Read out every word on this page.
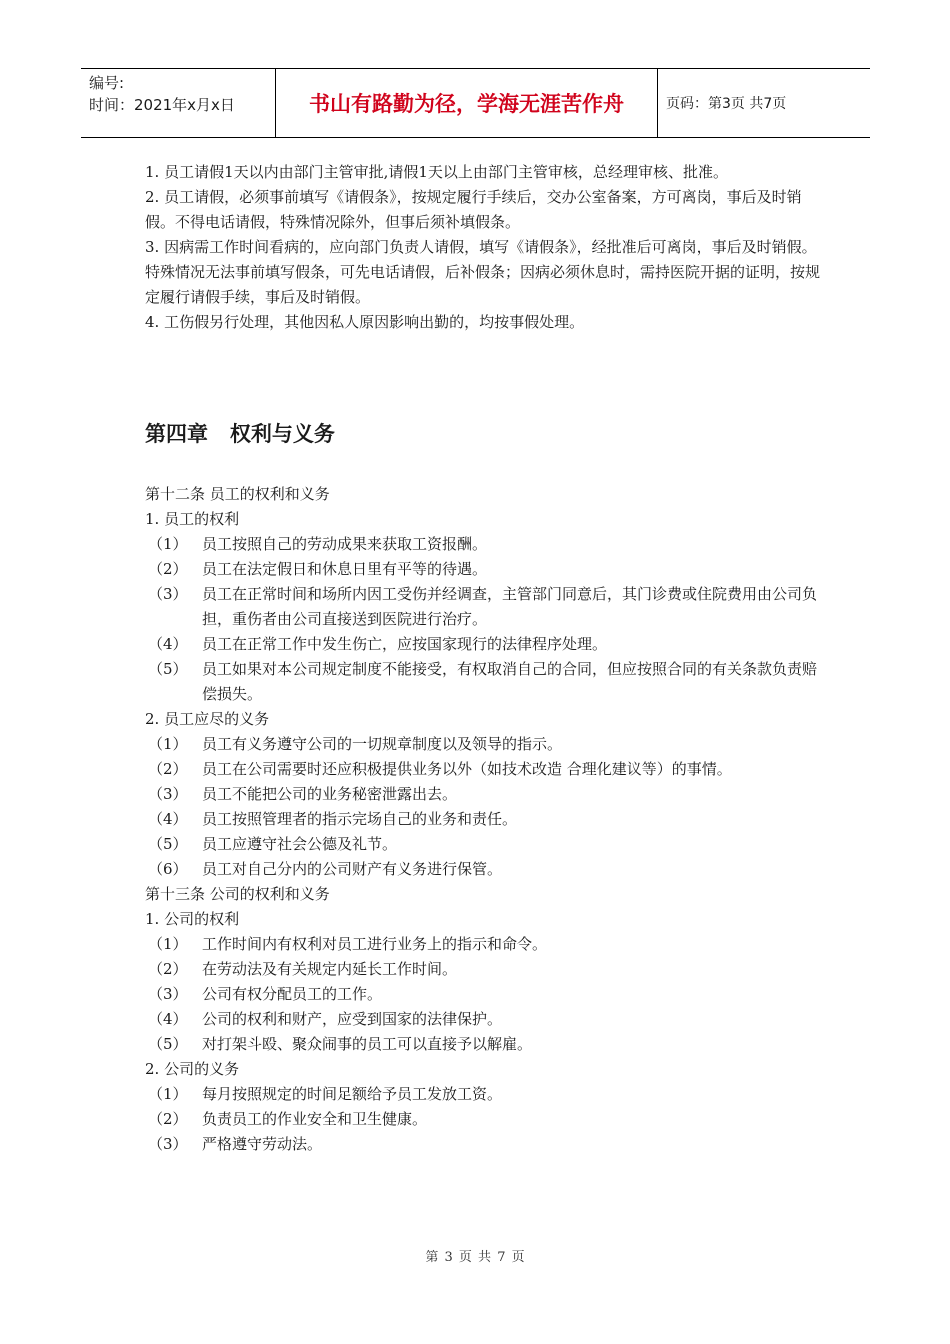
编号:
时间：2021年x月x日	书山有路勤为径，学海无涯苦作舟	页码：第3页 共7页

1. 员工请假1天以内由部门主管审批,请假1天以上由部门主管审核，总经理审核、批准。

2. 员工请假，必须事前填写《请假条》，按规定履行手续后，交办公室备案，方可离岗，事后及时销假。不得电话请假，特殊情况除外，但事后须补填假条。

3. 因病需工作时间看病的，应向部门负责人请假，填写《请假条》，经批准后可离岗，事后及时销假。特殊情况无法事前填写假条，可先电话请假，后补假条；因病必须休息时，需持医院开据的证明，按规定履行请假手续，事后及时销假。

4. 工伤假另行处理，其他因私人原因影响出勤的，均按事假处理。

第四章   权利与义务

第十二条 员工的权利和义务

1. 员工的权利

（1） 员工按照自己的劳动成果来获取工资报酬。
（2） 员工在法定假日和休息日里有平等的待遇。
（3） 员工在正常时间和场所内因工受伤并经调查，主管部门同意后，其门诊费或住院费用由公司负担，重伤者由公司直接送到医院进行治疗。
（4） 员工在正常工作中发生伤亡，应按国家现行的法律程序处理。
（5） 员工如果对本公司规定制度不能接受，有权取消自己的合同，但应按照合同的有关条款负责赔偿损失。

2. 员工应尽的义务

（1） 员工有义务遵守公司的一切规章制度以及领导的指示。
（2） 员工在公司需要时还应积极提供业务以外（如技术改造 合理化建议等）的事情。
（3） 员工不能把公司的业务秘密泄露出去。
（4） 员工按照管理者的指示完场自己的业务和责任。
（5） 员工应遵守社会公德及礼节。
（6） 员工对自己分内的公司财产有义务进行保管。

第十三条 公司的权利和义务

1. 公司的权利

（1） 工作时间内有权利对员工进行业务上的指示和命令。
（2） 在劳动法及有关规定内延长工作时间。
（3） 公司有权分配员工的工作。
（4） 公司的权利和财产，应受到国家的法律保护。
（5） 对打架斗殴、聚众闹事的员工可以直接予以解雇。

2. 公司的义务

（1） 每月按照规定的时间足额给予员工发放工资。
（2） 负责员工的作业安全和卫生健康。
（3） 严格遵守劳动法。
第 3 页 共 7 页
